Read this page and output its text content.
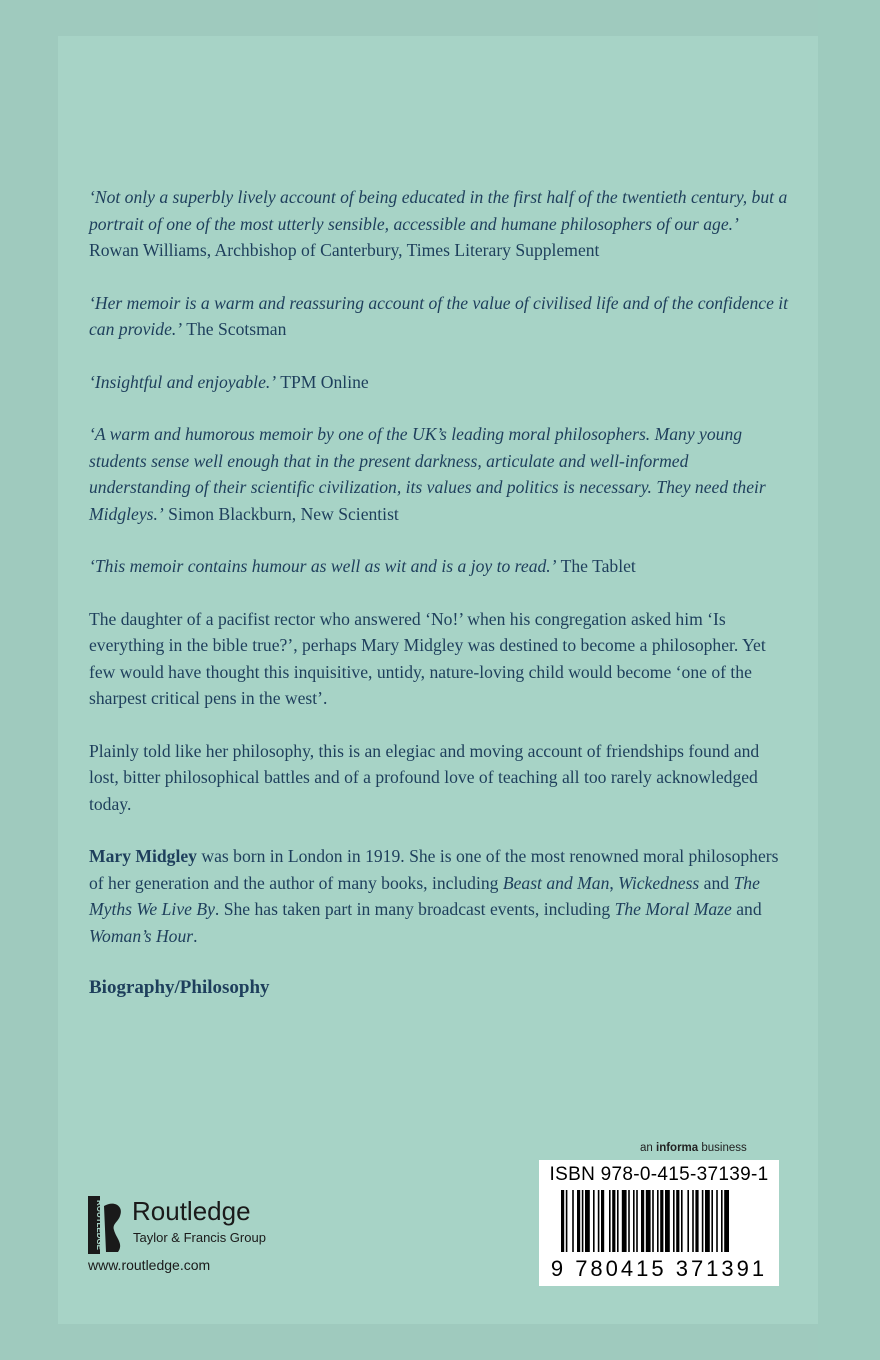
‘Not only a superbly lively account of being educated in the first half of the twentieth century, but a portrait of one of the most utterly sensible, accessible and humane philosophers of our age.’
Rowan Williams, Archbishop of Canterbury, Times Literary Supplement

‘Her memoir is a warm and reassuring account of the value of civilised life and of the confidence it can provide.’ The Scotsman

‘Insightful and enjoyable.’ TPM Online

‘A warm and humorous memoir by one of the UK’s leading moral philosophers. Many young students sense well enough that in the present darkness, articulate and well-informed understanding of their scientific civilization, its values and politics is necessary. They need their Midgleys.’ Simon Blackburn, New Scientist

‘This memoir contains humour as well as wit and is a joy to read.’ The Tablet

The daughter of a pacifist rector who answered ‘No!’ when his congregation asked him ‘Is everything in the bible true?’, perhaps Mary Midgley was destined to become a philosopher. Yet few would have thought this inquisitive, untidy, nature-loving child would become ‘one of the sharpest critical pens in the west’.

Plainly told like her philosophy, this is an elegiac and moving account of friendships found and lost, bitter philosophical battles and of a profound love of teaching all too rarely acknowledged today.

Mary Midgley was born in London in 1919. She is one of the most renowned moral philosophers of her generation and the author of many books, including Beast and Man, Wickedness and The Myths We Live By. She has taken part in many broadcast events, including The Moral Maze and Woman’s Hour.

Biography/Philosophy

an informa business
ISBN 978-0-415-37139-1
9 780415 371391
ROUTLEDGE
Routledge
Taylor & Francis Group
www.routledge.com
